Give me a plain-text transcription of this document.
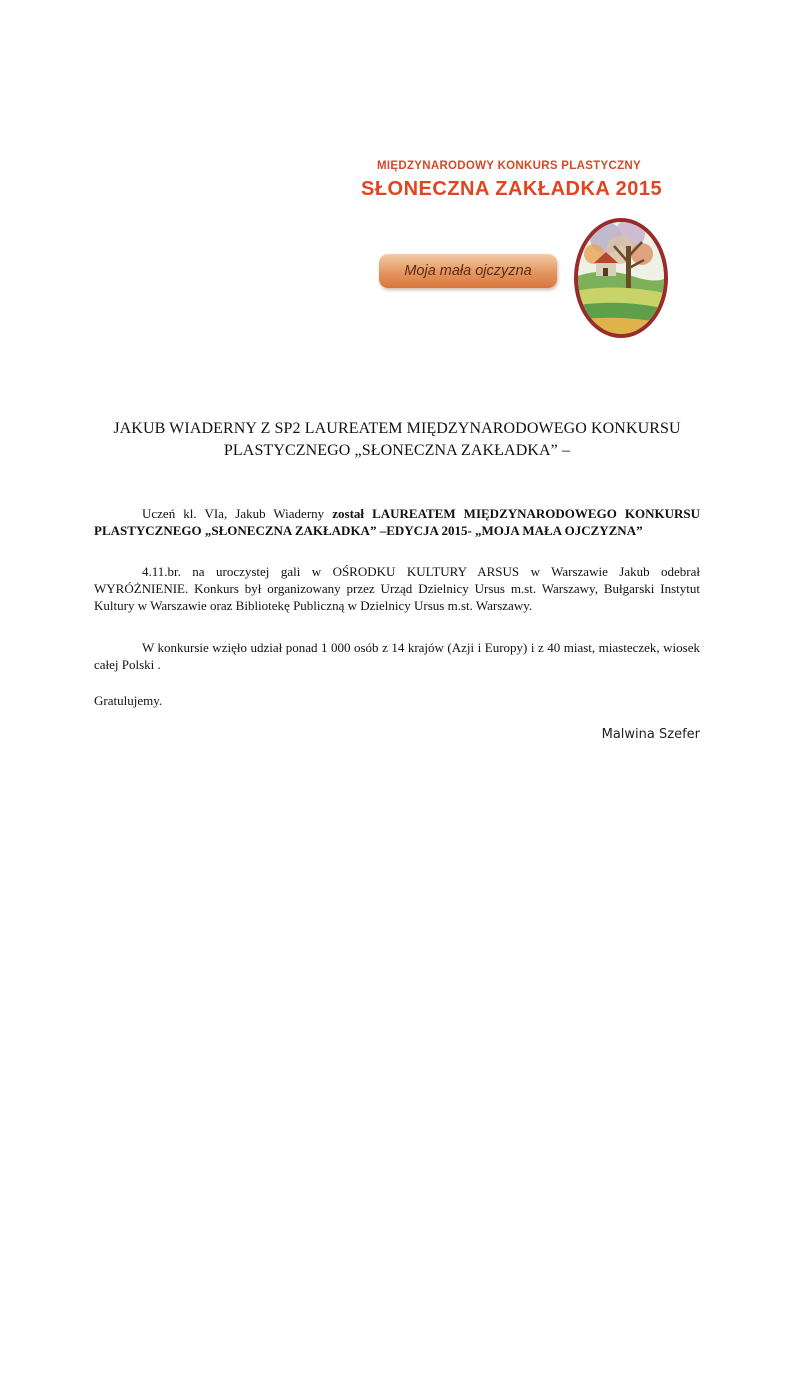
MIĘDZYNARODOWY KONKURS PLASTYCZNY
SŁONECZNA ZAKŁADKA 2015
Moja mała ojczyzna
JAKUB WIADERNY Z SP2 LAUREATEM MIĘDZYNARODOWEGO KONKURSU
PLASTYCZNEGO „SŁONECZNA ZAKŁADKA” –
Uczeń kl. VIa, Jakub Wiaderny został LAUREATEM MIĘDZYNARODOWEGO KONKURSU PLASTYCZNEGO „SŁONECZNA ZAKŁADKA” –EDYCJA 2015- „MOJA MAŁA OJCZYZNA”
4.11.br. na uroczystej gali w OŚRODKU KULTURY ARSUS w Warszawie Jakub odebrał WYRÓŻNIENIE. Konkurs był organizowany przez Urząd Dzielnicy Ursus m.st. Warszawy, Bułgarski Instytut Kultury w Warszawie oraz Bibliotekę Publiczną w Dzielnicy Ursus m.st. Warszawy.
W konkursie wzięło udział ponad 1 000 osób z 14 krajów (Azji i Europy) i z 40 miast, miasteczek, wiosek całej Polski .
Gratulujemy.
Malwina Szefer
